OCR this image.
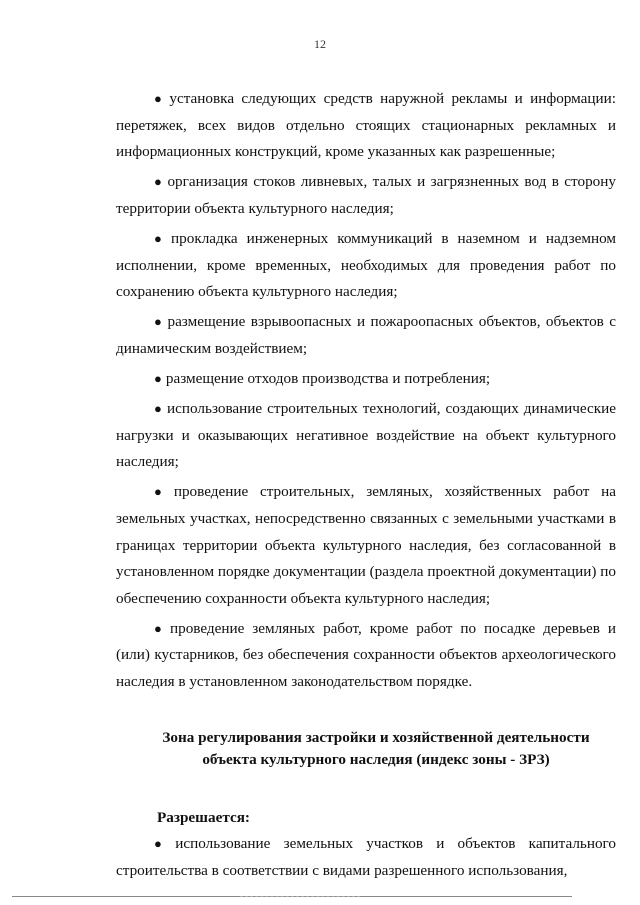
12

● установка следующих средств наружной рекламы и информации: перетяжек, всех видов отдельно стоящих стационарных рекламных и информационных конструкций, кроме указанных как разрешенные;

● организация стоков ливневых, талых и загрязненных вод в сторону территории объекта культурного наследия;

● прокладка инженерных коммуникаций в наземном и надземном исполнении, кроме временных, необходимых для проведения работ по сохранению объекта культурного наследия;

● размещение взрывоопасных и пожароопасных объектов, объектов с динамическим воздействием;

● размещение отходов производства и потребления;

● использование строительных технологий, создающих динамические нагрузки и оказывающих негативное воздействие на объект культурного наследия;

● проведение строительных, земляных, хозяйственных работ на земельных участках, непосредственно связанных с земельными участками в границах территории объекта культурного наследия, без согласованной в установленном порядке документации (раздела проектной документации) по обеспечению сохранности объекта культурного наследия;

● проведение земляных работ, кроме работ по посадке деревьев и (или) кустарников, без обеспечения сохранности объектов археологического наследия в установленном законодательством порядке.

Зона регулирования застройки и хозяйственной деятельности
объекта культурного наследия (индекс зоны - ЗРЗ)
Разрешается:

● использование земельных участков и объектов капитального строительства в соответствии с видами разрешенного использования,
